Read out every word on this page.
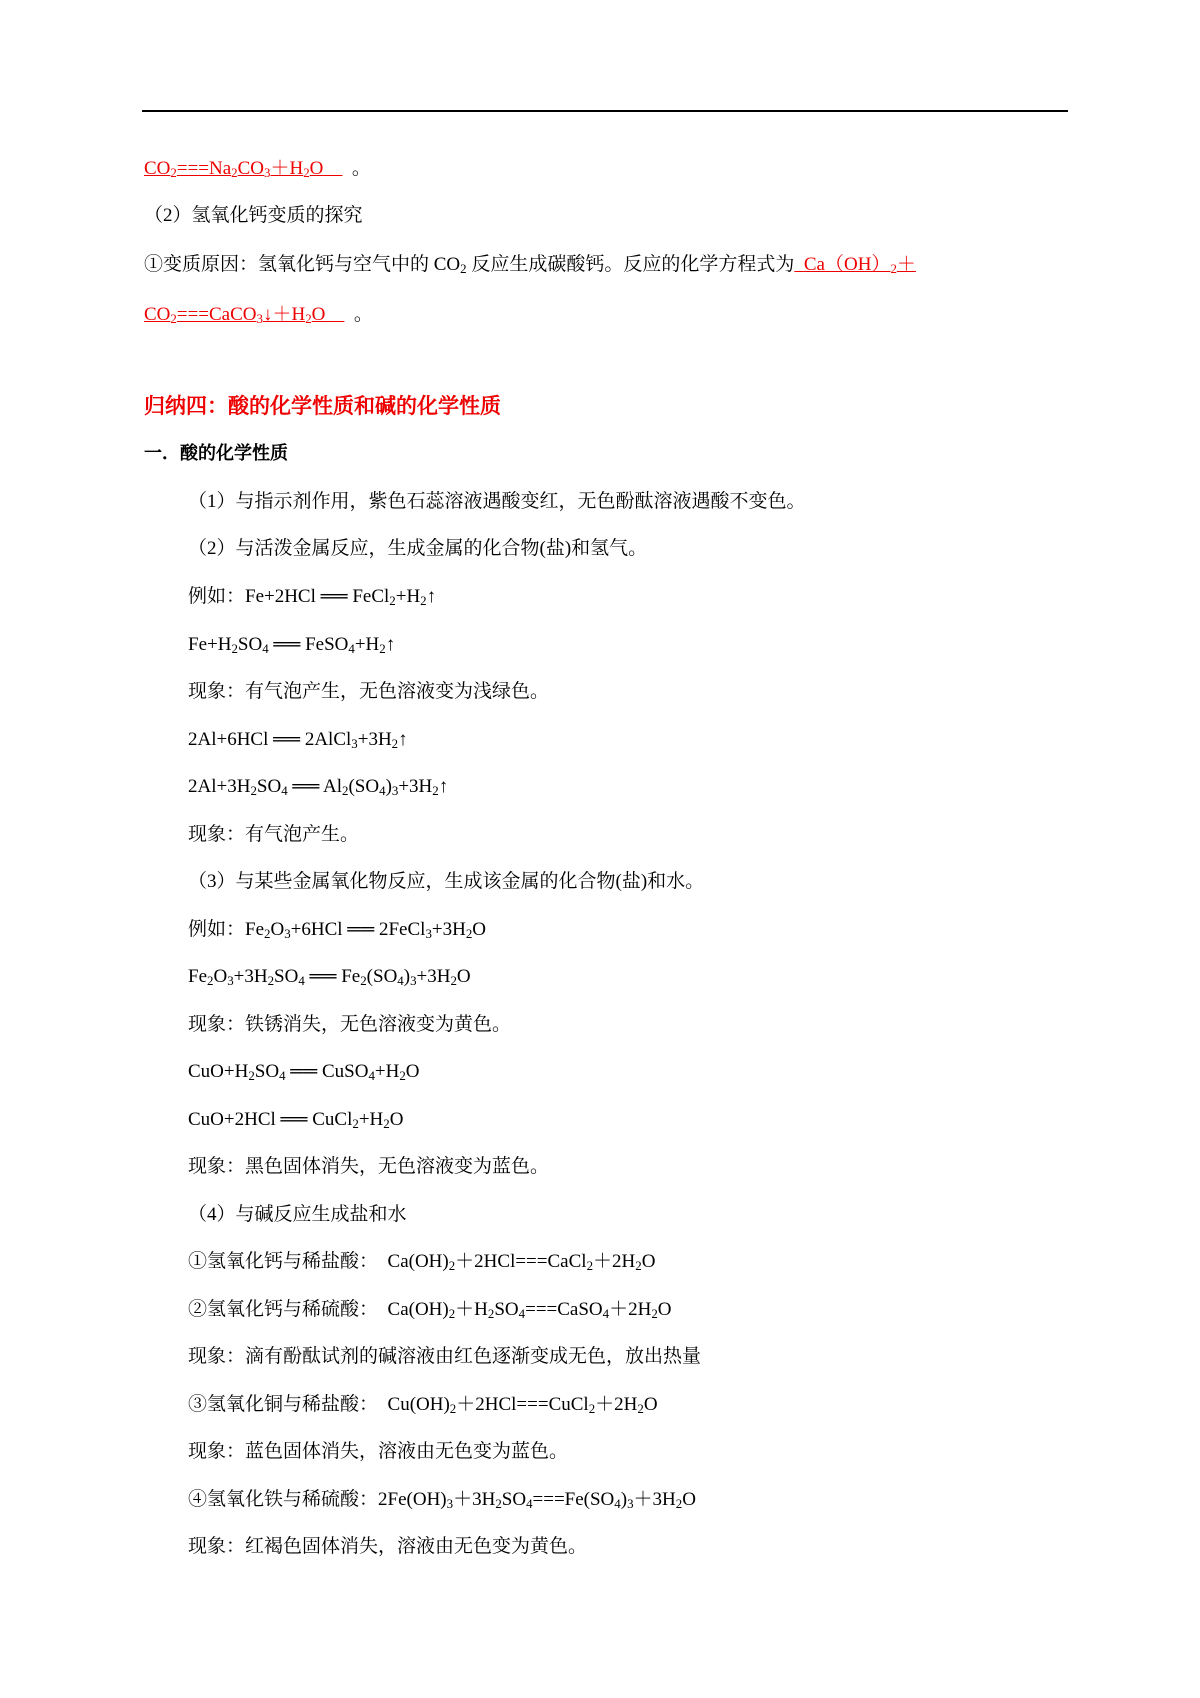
$CO_2===Na_2CO_3+H_2O$ 。
（2）氢氧化钙变质的探究
①变质原因：氢氧化钙与空气中的 $CO_2$ 反应生成碳酸钙。反应的化学方程式为 $Ca(OH)_2+$
$CO_2===CaCO_3↓+H_2O$ 。
归纳四：酸的化学性质和碱的化学性质
一．酸的化学性质
（1）与指示剂作用，紫色石蕊溶液遇酸变红，无色酚酞溶液遇酸不变色。
（2）与活泼金属反应，生成金属的化合物(盐)和氢气。
例如：Fe+2HCl ══ $FeCl_2+H_2↑$
$Fe+H_2SO_4$ ══ $FeSO_4+H_2↑$
现象：有气泡产生，无色溶液变为浅绿色。
2Al+6HCl ══ $2AlCl_3+3H_2↑$
$2Al+3H_2SO_4$ ══ $Al_2(SO_4)_3+3H_2↑$
现象：有气泡产生。
（3）与某些金属氧化物反应，生成该金属的化合物(盐)和水。
例如：$Fe_2O_3+6HCl$ ══ $2FeCl_3+3H_2O$
$Fe_2O_3+3H_2SO_4$ ══ $Fe_2(SO_4)_3+3H_2O$
现象：铁锈消失，无色溶液变为黄色。
$CuO+H_2SO_4$ ══ $CuSO_4+H_2O$
CuO+2HCl ══ $CuCl_2+H_2O$
现象：黑色固体消失，无色溶液变为蓝色。
（4）与碱反应生成盐和水
①氢氧化钙与稀盐酸： $Ca(OH)_2+2HCl===CaCl_2+2H_2O$
②氢氧化钙与稀硫酸： $Ca(OH)_2+H_2SO_4===CaSO_4+2H_2O$
现象：滴有酚酞试剂的碱溶液由红色逐渐变成无色，放出热量
③氢氧化铜与稀盐酸： $Cu(OH)_2+2HCl===CuCl_2+2H_2O$
现象：蓝色固体消失，溶液由无色变为蓝色。
④氢氧化铁与稀硫酸：$2Fe(OH)_3+3H_2SO_4===Fe(SO_4)_3+3H_2O$
现象：红褐色固体消失，溶液由无色变为黄色。
